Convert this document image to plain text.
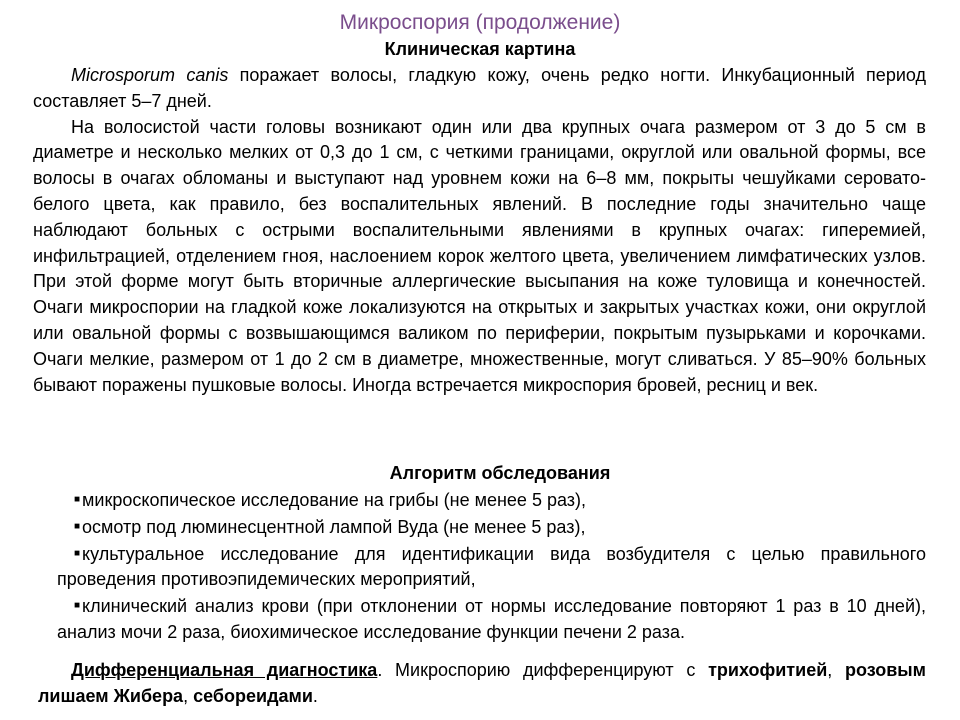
Микроспория (продолжение)
Клиническая картина

Microsporum canis поражает волосы, гладкую кожу, очень редко ногти. Инкубационный период составляет 5–7 дней.

На волосистой части головы возникают один или два крупных очага размером от 3 до 5 см в диаметре и несколько мелких от 0,3 до 1 см, с четкими границами, округлой или овальной формы, все волосы в очагах обломаны и выступают над уровнем кожи на 6–8 мм, покрыты чешуйками серовато-белого цвета, как правило, без воспалительных явлений. В последние годы значительно чаще наблюдают больных с острыми воспалительными явлениями в крупных очагах: гиперемией, инфильтрацией, отделением гноя, наслоением корок желтого цвета, увеличением лимфатических узлов. При этой форме могут быть вторичные аллергические высыпания на коже туловища и конечностей. Очаги микроспории на гладкой коже локализуются на открытых и закрытых участках кожи, они округлой или овальной формы с возвышающимся валиком по периферии, покрытым пузырьками и корочками. Очаги мелкие, размером от 1 до 2 см в диаметре, множественные, могут сливаться. У 85–90% больных бывают поражены пушковые волосы. Иногда встречается микроспория бровей, ресниц и век.

Алгоритм обследования

■ микроскопическое исследование на грибы (не менее 5 раз),

■ осмотр под люминесцентной лампой Вуда (не менее 5 раз),

■ культуральное исследование для идентификации вида возбудителя с целью правильного проведения противоэпидемических мероприятий,

■ клинический анализ крови (при отклонении от нормы исследование повторяют 1 раз в 10 дней), анализ мочи 2 раза, биохимическое исследование функции печени 2 раза.

Дифференциальная диагностика. Микроспорию дифференцируют с трихофитией, розовым лишаем Жибера, себореидами.
